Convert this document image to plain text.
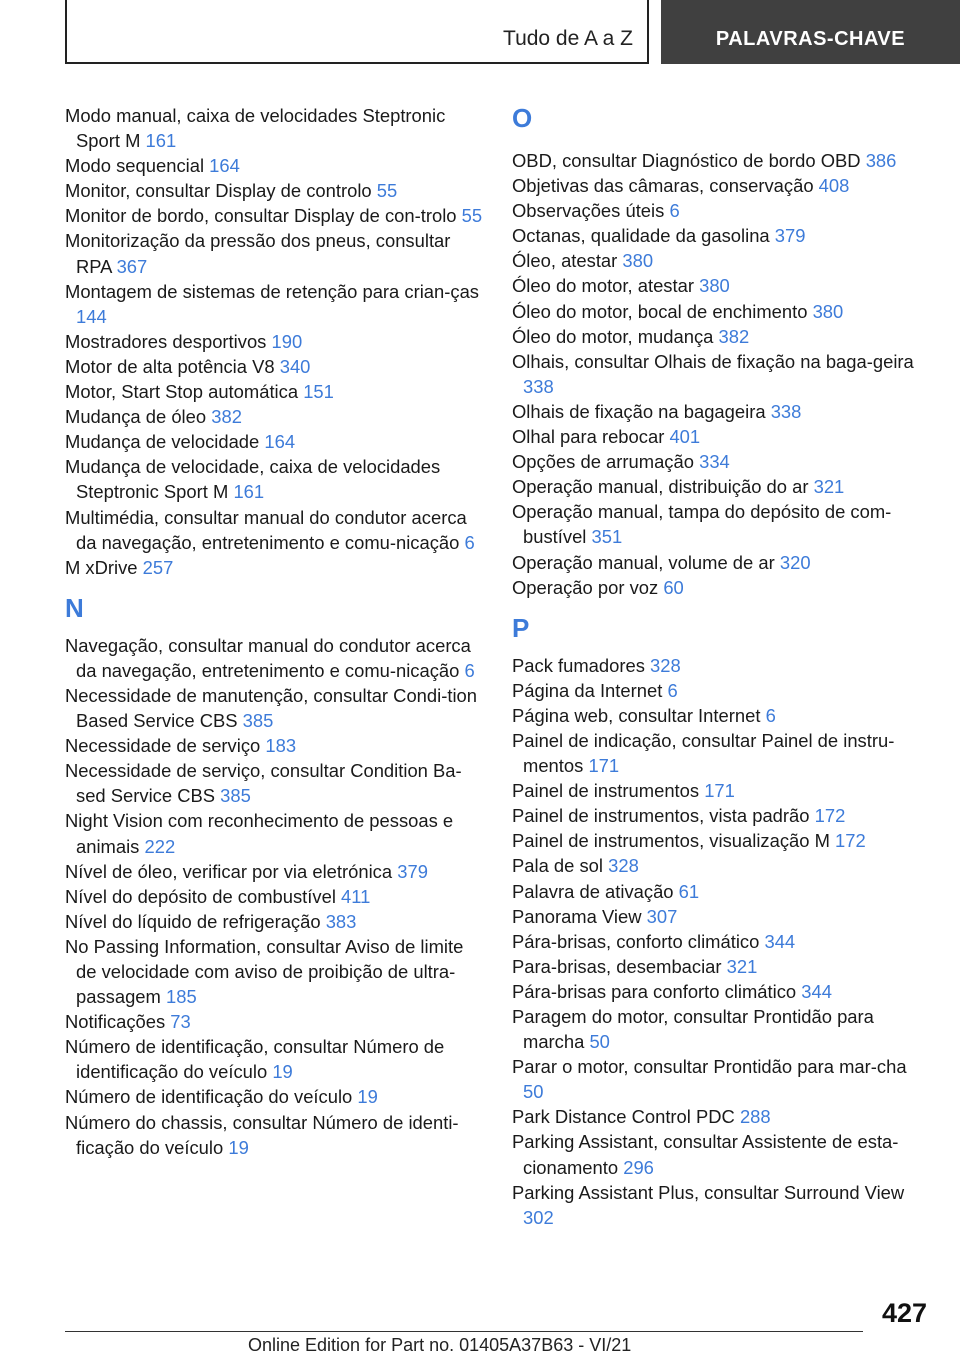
Tudo de A a Z	PALAVRAS-CHAVE
Modo manual, caixa de velocidades Steptronic Sport M 161
Modo sequencial 164
Monitor, consultar Display de controlo 55
Monitor de bordo, consultar Display de con‐trolo 55
Monitorização da pressão dos pneus, consultar RPA 367
Montagem de sistemas de retenção para crian‐ças 144
Mostradores desportivos 190
Motor de alta potência V8 340
Motor, Start Stop automática 151
Mudança de óleo 382
Mudança de velocidade 164
Mudança de velocidade, caixa de velocidades Steptronic Sport M 161
Multimédia, consultar manual do condutor acerca da navegação, entretenimento e comu‐nicação 6
M xDrive 257
N
Navegação, consultar manual do condutor acerca da navegação, entretenimento e comu‐nicação 6
Necessidade de manutenção, consultar Condi‐tion Based Service CBS 385
Necessidade de serviço 183
Necessidade de serviço, consultar Condition Ba‐sed Service CBS 385
Night Vision com reconhecimento de pessoas e animais 222
Nível de óleo, verificar por via eletrónica 379
Nível do depósito de combustível 411
Nível do líquido de refrigeração 383
No Passing Information, consultar Aviso de limite de velocidade com aviso de proibição de ultra‐passagem 185
Notificações 73
Número de identificação, consultar Número de identificação do veículo 19
Número de identificação do veículo 19
Número do chassis, consultar Número de identi‐ficação do veículo 19
O
OBD, consultar Diagnóstico de bordo OBD 386
Objetivas das câmaras, conservação 408
Observações úteis 6
Octanas, qualidade da gasolina 379
Óleo, atestar 380
Óleo do motor, atestar 380
Óleo do motor, bocal de enchimento 380
Óleo do motor, mudança 382
Olhais, consultar Olhais de fixação na baga‐geira 338
Olhais de fixação na bagageira 338
Olhal para rebocar 401
Opções de arrumação 334
Operação manual, distribuição do ar 321
Operação manual, tampa do depósito de com‐bustível 351
Operação manual, volume de ar 320
Operação por voz 60
P
Pack fumadores 328
Página da Internet 6
Página web, consultar Internet 6
Painel de indicação, consultar Painel de instru‐mentos 171
Painel de instrumentos 171
Painel de instrumentos, vista padrão 172
Painel de instrumentos, visualização M 172
Pala de sol 328
Palavra de ativação 61
Panorama View 307
Pára-brisas, conforto climático 344
Para-brisas, desembaciar 321
Pára-brisas para conforto climático 344
Paragem do motor, consultar Prontidão para marcha 50
Parar o motor, consultar Prontidão para mar‐cha 50
Park Distance Control PDC 288
Parking Assistant, consultar Assistente de esta‐cionamento 296
Parking Assistant Plus, consultar Surround View 302
427
Online Edition for Part no. 01405A37B63 - VI/21
